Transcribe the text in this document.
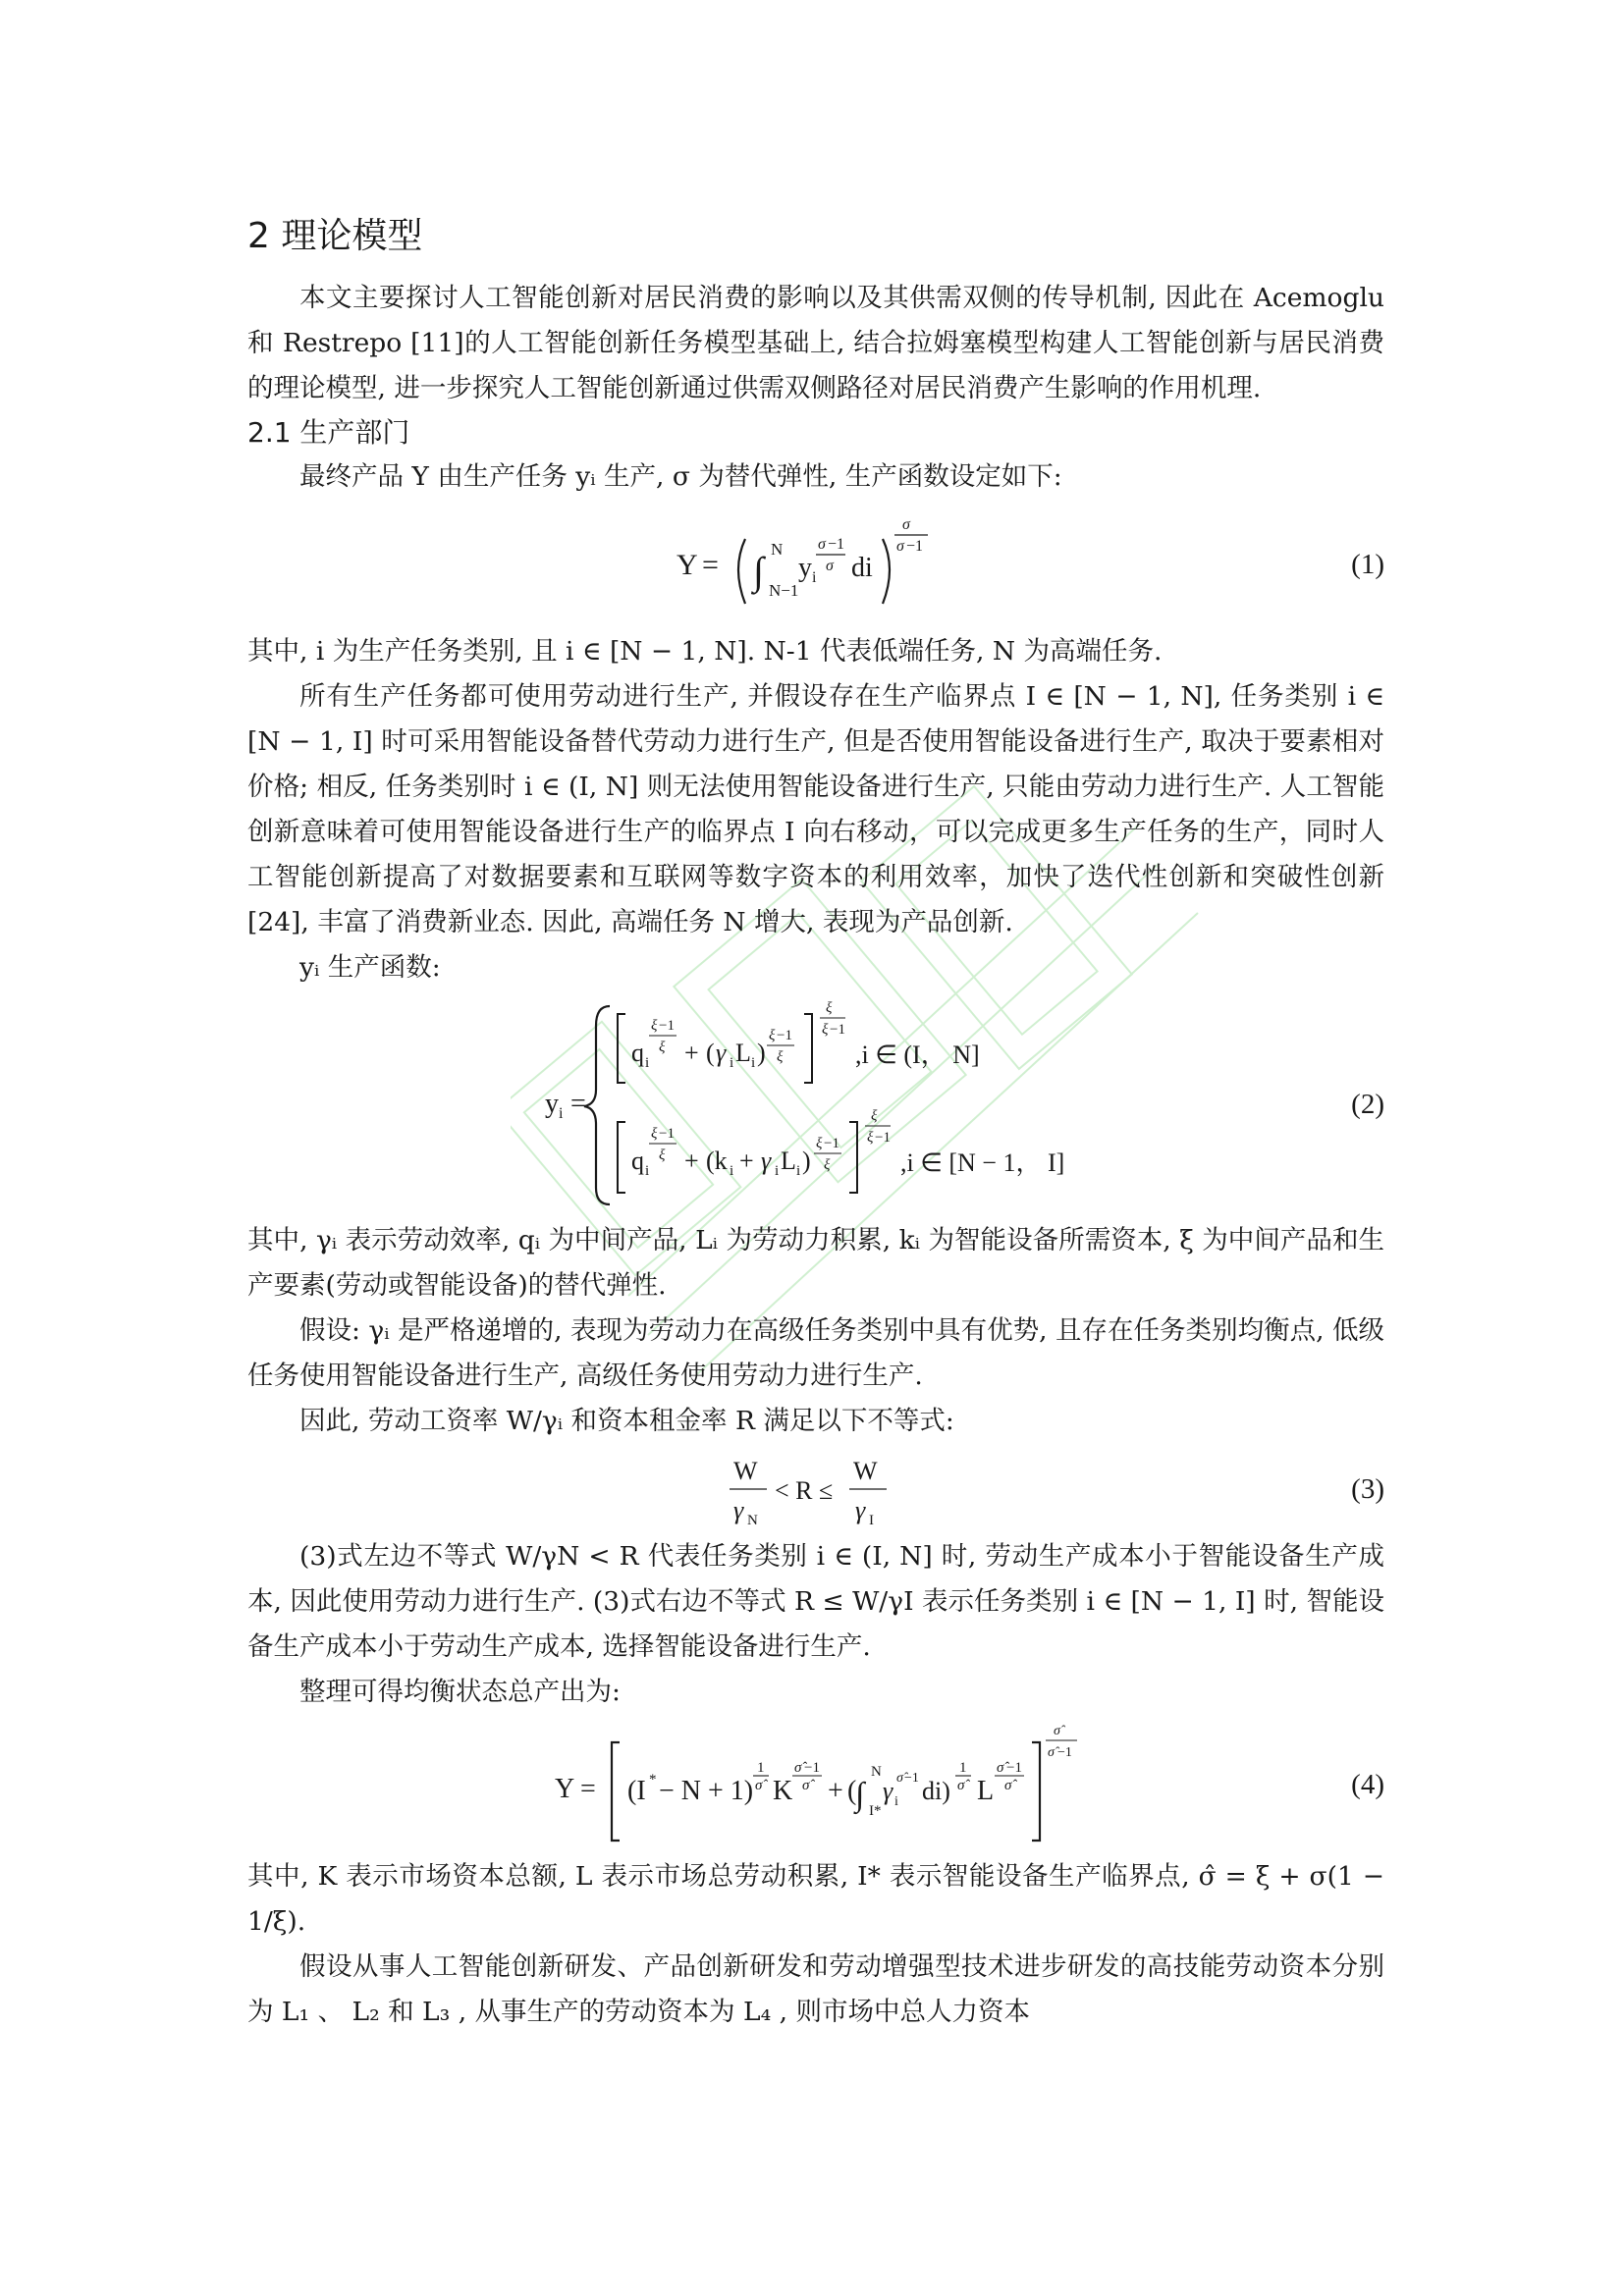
2 理论模型

本文主要探讨人工智能创新对居民消费的影响以及其供需双侧的传导机制, 因此在 Acemoglu 和 Restrepo [11]的人工智能创新任务模型基础上, 结合拉姆塞模型构建人工智能创新与居民消费的理论模型, 进一步探究人工智能创新通过供需双侧路径对居民消费产生影响的作用机理.

2.1 生产部门

最终产品 Y 由生产任务 yᵢ 生产, σ 为替代弹性, 生产函数设定如下:

Y = ∫ N
N−1
y i
σ −1
σ di
σ
σ −1
(1)

其中, i 为生产任务类别, 且 i ∈ [N − 1, N]. N-1 代表低端任务, N 为高端任务.

所有生产任务都可使用劳动进行生产, 并假设存在生产临界点 I ∈ [N − 1, N], 任务类别 i ∈ [N − 1, I] 时可采用智能设备替代劳动力进行生产, 但是否使用智能设备进行生产, 取决于要素相对价格; 相反, 任务类别时 i ∈ (I, N] 则无法使用智能设备进行生产, 只能由劳动力进行生产. 人工智能创新意味着可使用智能设备进行生产的临界点 I 向右移动，可以完成更多生产任务的生产，同时人工智能创新提高了对数据要素和互联网等数字资本的利用效率，加快了迭代性创新和突破性创新[24], 丰富了消费新业态. 因此, 高端任务 N 增大, 表现为产品创新.

yᵢ 生产函数:

y i =
q i
ξ −1
ξ + ( γ i L i )
ξ −1
ξ
ξ
ξ −1
,i ∈ (I， N]
q i
ξ −1
ξ + (k i + γ i L i )
ξ −1
ξ
ξ
ξ −1
,i ∈ [N − 1， I]
(2)

其中, γᵢ 表示劳动效率, qᵢ 为中间产品, Lᵢ 为劳动力积累, kᵢ 为智能设备所需资本, ξ 为中间产品和生产要素(劳动或智能设备)的替代弹性.

假设: γᵢ 是严格递增的, 表现为劳动力在高级任务类别中具有优势, 且存在任务类别均衡点, 低级任务使用智能设备进行生产, 高级任务使用劳动力进行生产.

因此, 劳动工资率 W/γᵢ 和资本租金率 R 满足以下不等式:

W
γ N
< R ≤
W
γ I
(3)

(3)式左边不等式 W/γN < R 代表任务类别 i ∈ (I, N] 时, 劳动生产成本小于智能设备生产成本, 因此使用劳动力进行生产. (3)式右边不等式 R ≤ W/γI 表示任务类别 i ∈ [N − 1, I] 时, 智能设备生产成本小于劳动生产成本, 选择智能设备进行生产.

整理可得均衡状态总产出为:

Y = (I * − N + 1)
1
σ̂ K
σ̂ −1
σ̂ + (
∫
N
I*
γ i
σ̂ −1 di)
1
σ̂ L
σ̂ −1
σ̂
σ̂
σ̂ −1
(4)

其中, K 表示市场资本总额, L 表示市场总劳动积累, I* 表示智能设备生产临界点, σ̂ = ξ + σ(1 − 1/ξ).

假设从事人工智能创新研发、产品创新研发和劳动增强型技术进步研发的高技能劳动资本分别为 L₁ 、 L₂ 和 L₃ , 从事生产的劳动资本为 L₄ , 则市场中总人力资本
